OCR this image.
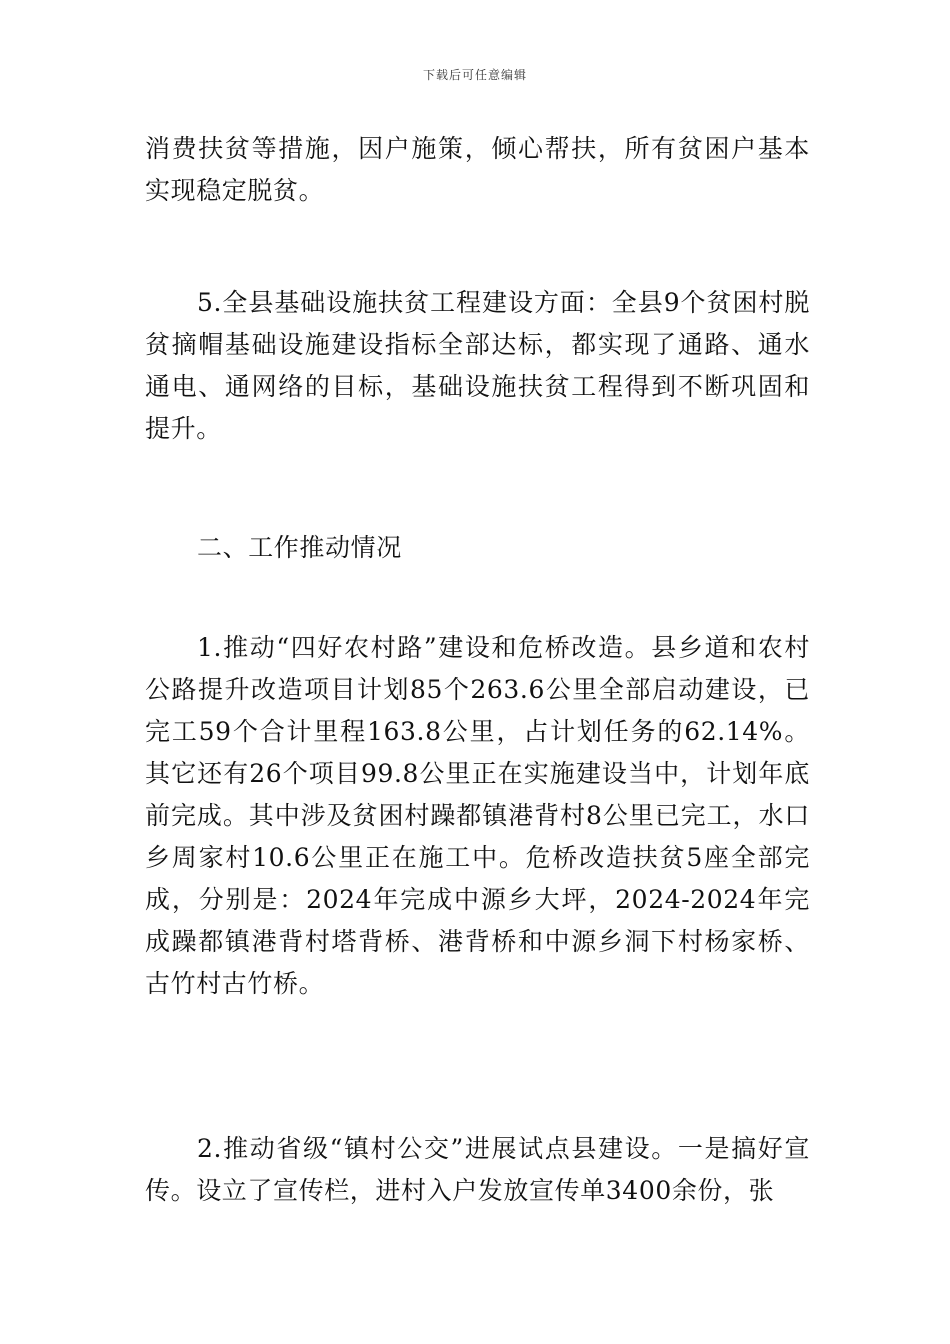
下载后可任意编辑

消费扶贫等措施，因户施策，倾心帮扶，所有贫困户基本实现稳定脱贫。

5.全县基础设施扶贫工程建设方面：全县9个贫困村脱贫摘帽基础设施建设指标全部达标，都实现了通路、通水通电、通网络的目标，基础设施扶贫工程得到不断巩固和提升。

二、工作推动情况

1.推动“四好农村路”建设和危桥改造。县乡道和农村公路提升改造项目计划85个263.6公里全部启动建设，已完工59个合计里程163.8公里，占计划任务的62.14%。其它还有26个项目99.8公里正在实施建设当中，计划年底前完成。其中涉及贫困村躁都镇港背村8公里已完工，水口乡周家村10.6公里正在施工中。危桥改造扶贫5座全部完成，分别是：2024年完成中源乡大坪，2024-2024年完成躁都镇港背村塔背桥、港背桥和中源乡洞下村杨家桥、古竹村古竹桥。

2.推动省级“镇村公交”进展试点县建设。一是搞好宣传。设立了宣传栏，进村入户发放宣传单3400余份，张
